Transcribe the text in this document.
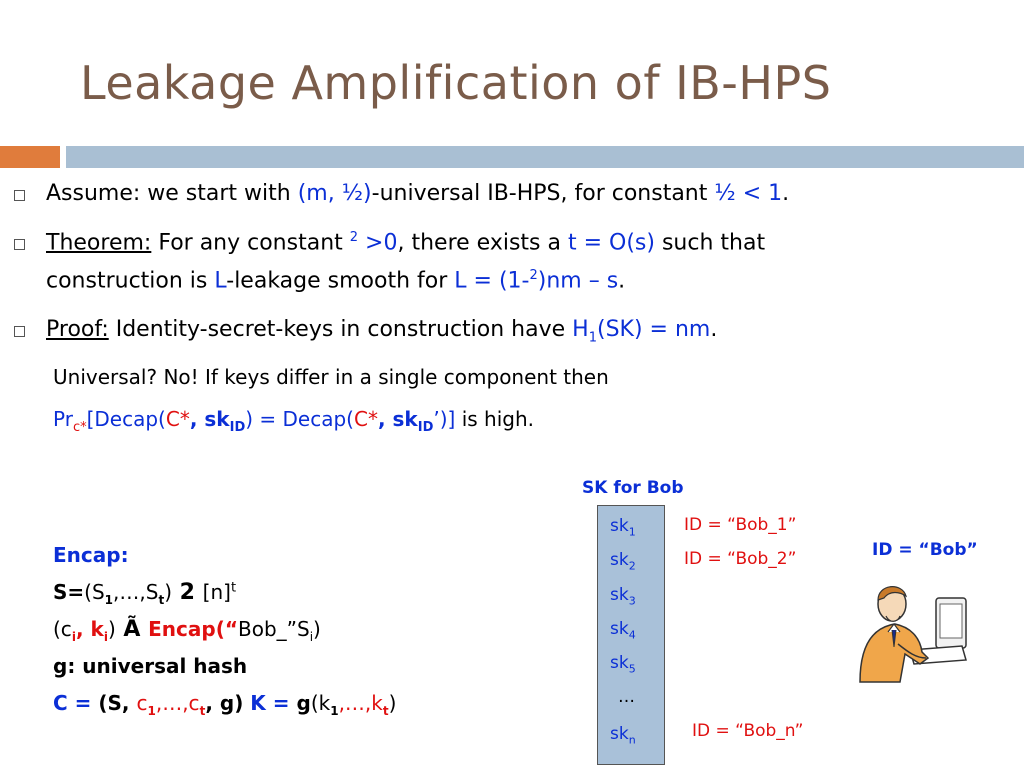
Leakage Amplification of IB-HPS
Assume: we start with (m, ½)-universal IB-HPS, for constant ½ < 1.
Theorem: For any constant $^2$ >0, there exists a t = O(s) such that
construction is L-leakage smooth for L = (1-$^2$)nm – s.
Proof: Identity-secret-keys in construction have $H_1(SK)$ = nm.
Universal? No! If keys differ in a single component then
$Pr_{c*}[Decap(C*$, $sk_{ID}$) = Decap(C*, $sk_{ID}$’)] is high.
SK for Bob
$sk_1$
$sk_2$
$sk_3$
$sk_4$
$sk_5$
…
$sk_n$
ID = “Bob_1”
ID = “Bob_2”
ID = “Bob_n”
ID = “Bob”
Encap:
$S=(S_1,\dots,S_t)$ 2 $[n]^t$
($c_i$, $k_i$) Ã $Encap(“Bob\_”S_i)$
g: universal hash
C = (S, $c_1,\dots,c_t$, g) $K = g(k_1,\dots,k_t)$
